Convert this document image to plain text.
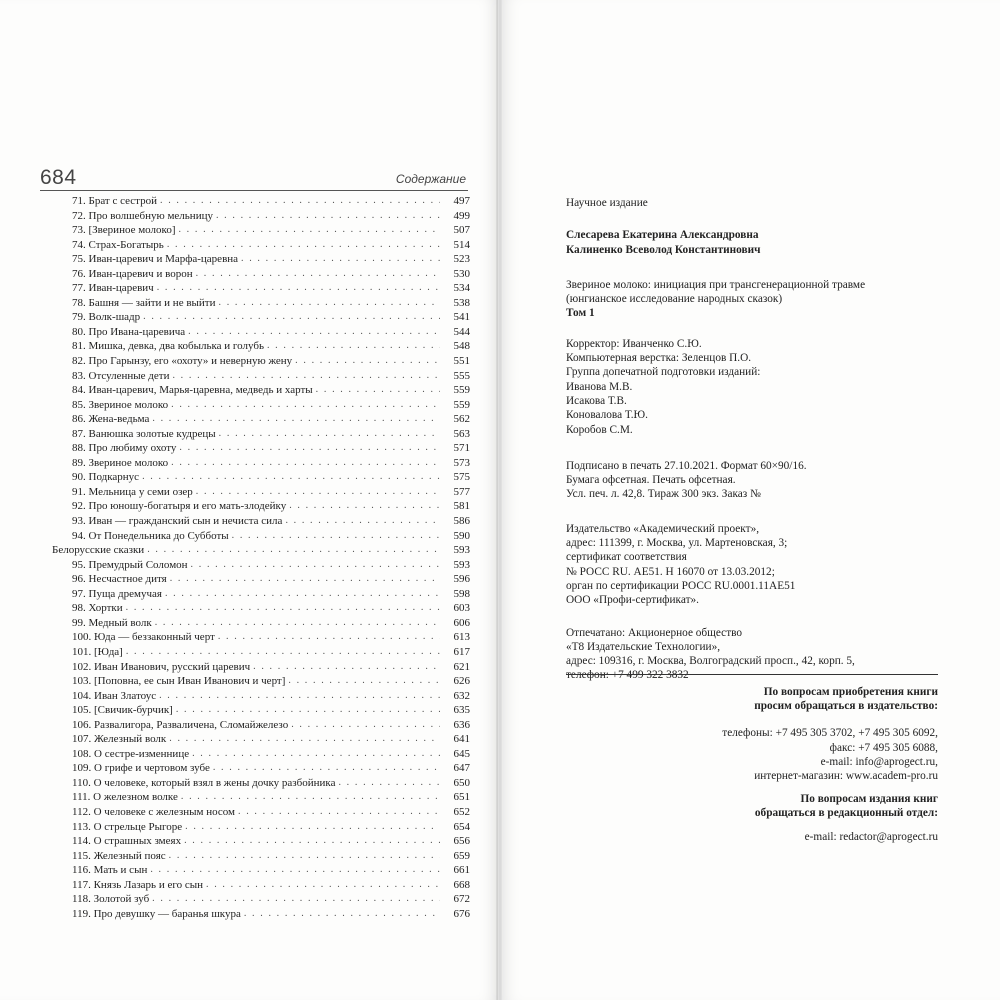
684	Содержание
71. Брат с сестрой . . .	497
72. Про волшебную мельницу . . .	499
73. [Звериное молоко] . . .	507
74. Страх-Богатырь . . .	514
75. Иван-царевич и Марфа-царевна . . .	523
76. Иван-царевич и ворон . . .	530
77. Иван-царевич . . .	534
78. Башня — зайти и не выйти . . .	538
79. Волк-шадр . . .	541
80. Про Ивана-царевича . . .	544
81. Мишка, девка, два кобылька и голубь . . .	548
82. Про Гарынзу, его «охоту» и неверную жену . . .	551
83. Отсуленные дети . . .	555
84. Иван-царевич, Марья-царевна, медведь и харты . . .	559
85. Звериное молоко . . .	559
86. Жена-ведьма . . .	562
87. Ванюшка золотые кудрецы . . .	563
88. Про любиму охоту . . .	571
89. Звериное молоко . . .	573
90. Подкарнус . . .	575
91. Мельница у семи озер . . .	577
92. Про юношу-богатыря и его мать-злодейку . . .	581
93. Иван — гражданский сын и нечиста сила . . .	586
94. От Понедельника до Субботы . . .	590
Белорусские сказки . . .	593
95. Премудрый Соломон . . .	593
96. Несчастное дитя . . .	596
97. Пуща дремучая . . .	598
98. Хортки . . .	603
99. Медный волк . . .	606
100. Юда — беззаконный черт . . .	613
101. [Юда] . . .	617
102. Иван Иванович, русский царевич . . .	621
103. [Поповна, ее сын Иван Иванович и черт] . . .	626
104. Иван Златоус . . .	632
105. [Свичик-бурчик] . . .	635
106. Развалигора, Разваличена, Сломайжелезо . . .	636
107. Железный волк . . .	641
108. О сестре-изменнице . . .	645
109. О грифе и чертовом зубе . . .	647
110. О человеке, который взял в жены дочку разбойника . . .	650
111. О железном волке . . .	651
112. О человеке с железным носом . . .	652
113. О стрельце Рыгоре . . .	654
114. О страшных змеях . . .	656
115. Железный пояс . . .	659
116. Мать и сын . . .	661
117. Князь Лазарь и его сын . . .	668
118. Золотой зуб . . .	672
119. Про девушку — баранья шкура . . .	676

Научное издание

Слесарева Екатерина Александровна

Калиненко Всеволод Константинович

Звериное молоко: инициация при трансгенерационной травме

(юнгианское исследование народных сказок)

Том 1

Корректор: Иванченко С.Ю.

Компьютерная верстка: Зеленцов П.О.

Группа допечатной подготовки изданий:

Иванова М.В.

Исакова Т.В.

Коновалова Т.Ю.

Коробов С.М.

Подписано в печать 27.10.2021. Формат 60×90/16.

Бумага офсетная. Печать офсетная.

Усл. печ. л. 42,8. Тираж 300 экз. Заказ №

Издательство «Академический проект»,

адрес: 111399, г. Москва, ул. Мартеновская, 3;

сертификат соответствия

№ РОСС RU. АЕ51. Н 16070 от 13.03.2012;

орган по сертификации РОСС RU.0001.11АЕ51

ООО «Профи-сертификат».

Отпечатано: Акционерное общество

«Т8 Издательские Технологии»,

адрес: 109316, г. Москва, Волгоградский просп., 42, корп. 5,

телефон: +7 499 322 3832

По вопросам приобретения книги

просим обращаться в издательство:

телефоны: +7 495 305 3702, +7 495 305 6092,

факс: +7 495 305 6088,

e-mail: info@aprogect.ru,

интернет-магазин: www.academ-pro.ru

По вопросам издания книг

обращаться в редакционный отдел:

e-mail: redactor@aprogect.ru
